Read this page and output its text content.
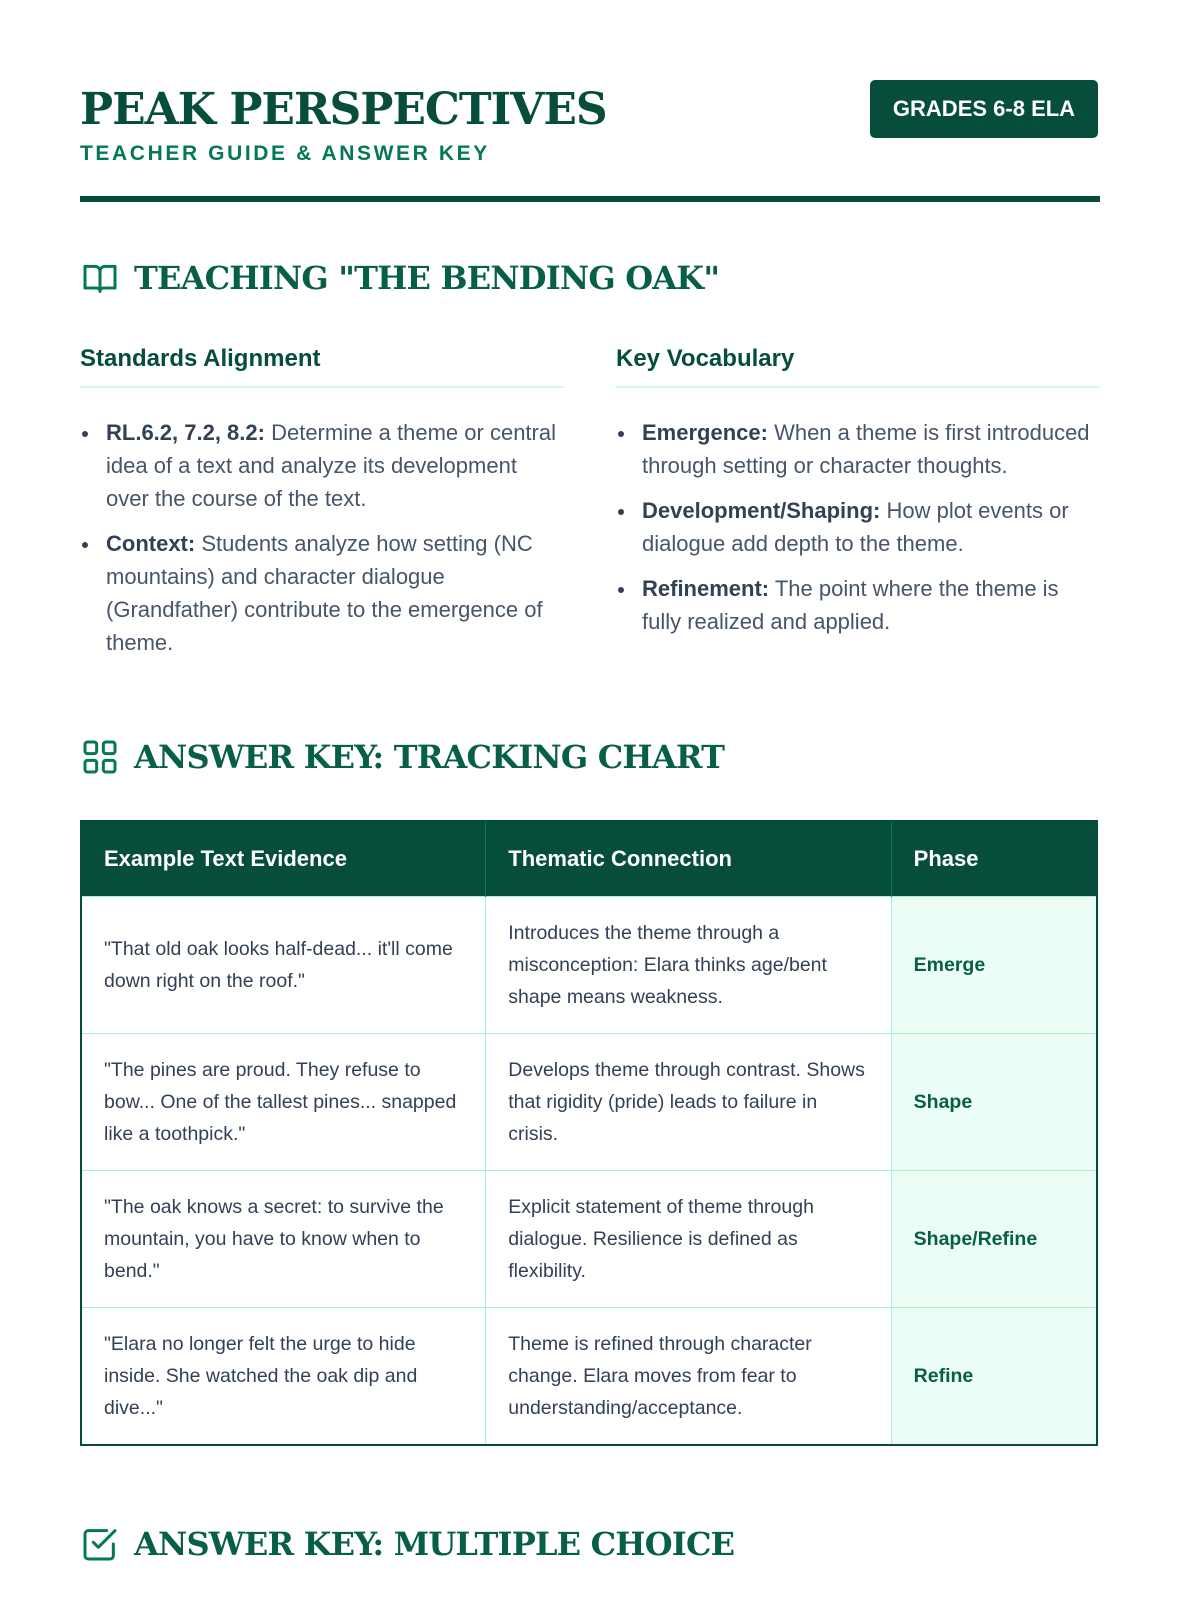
PEAK PERSPECTIVES
TEACHER GUIDE & ANSWER KEY
GRADES 6-8 ELA
TEACHING "THE BENDING OAK"
Standards Alignment
RL.6.2, 7.2, 8.2: Determine a theme or central idea of a text and analyze its development over the course of the text.
Context: Students analyze how setting (NC mountains) and character dialogue (Grandfather) contribute to the emergence of theme.
Key Vocabulary
Emergence: When a theme is first introduced through setting or character thoughts.
Development/Shaping: How plot events or dialogue add depth to the theme.
Refinement: The point where the theme is fully realized and applied.
ANSWER KEY: TRACKING CHART
Example Text Evidence	Thematic Connection	Phase
"That old oak looks half-dead... it'll come down right on the roof."	Introduces the theme through a misconception: Elara thinks age/bent shape means weakness.	Emerge
"The pines are proud. They refuse to bow... One of the tallest pines... snapped like a toothpick."	Develops theme through contrast. Shows that rigidity (pride) leads to failure in crisis.	Shape
"The oak knows a secret: to survive the mountain, you have to know when to bend."	Explicit statement of theme through dialogue. Resilience is defined as flexibility.	Shape/Refine
"Elara no longer felt the urge to hide inside. She watched the oak dip and dive..."	Theme is refined through character change. Elara moves from fear to understanding/acceptance.	Refine
ANSWER KEY: MULTIPLE CHOICE
